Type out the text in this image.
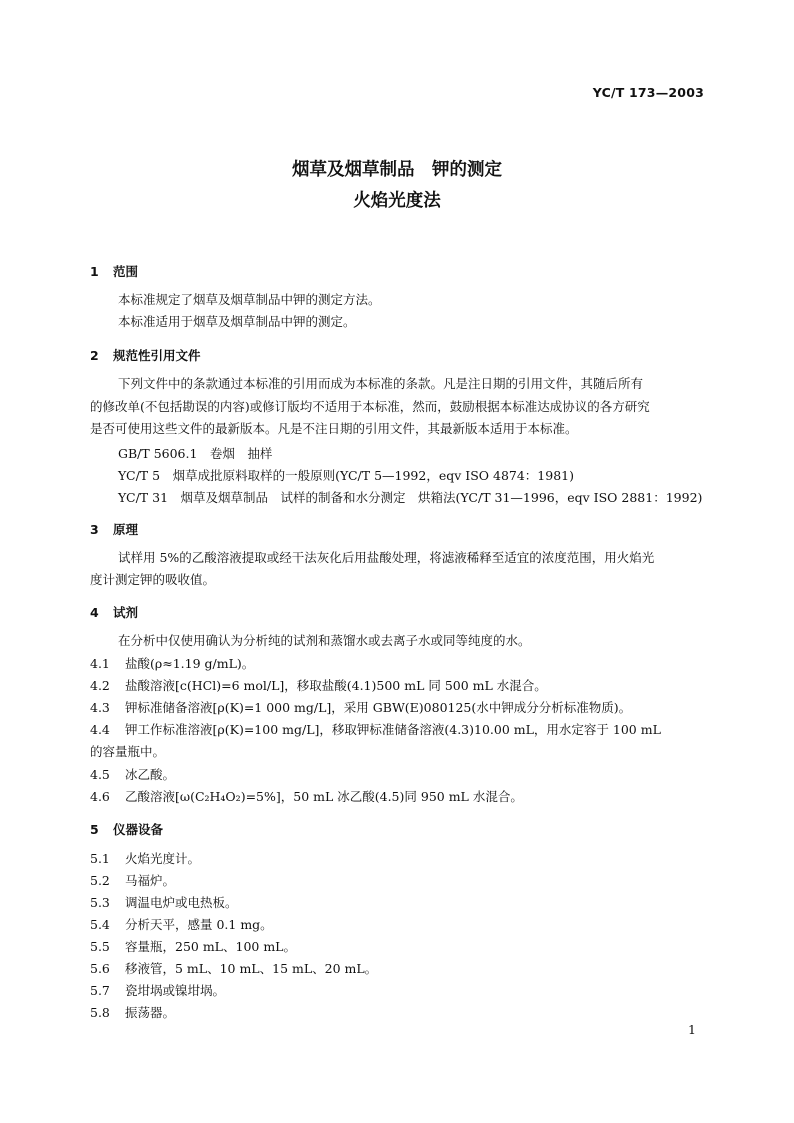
YC/T 173—2003
烟草及烟草制品　钾的测定
火焰光度法
1 范围
本标准规定了烟草及烟草制品中钾的测定方法。
本标准适用于烟草及烟草制品中钾的测定。
2 规范性引用文件
下列文件中的条款通过本标准的引用而成为本标准的条款。凡是注日期的引用文件，其随后所有
的修改单(不包括勘误的内容)或修订版均不适用于本标准，然而，鼓励根据本标准达成协议的各方研究
是否可使用这些文件的最新版本。凡是不注日期的引用文件，其最新版本适用于本标准。
GB/T 5606.1　卷烟　抽样
YC/T 5　烟草成批原料取样的一般原则(YC/T 5—1992，eqv ISO 4874：1981)
YC/T 31　烟草及烟草制品　试样的制备和水分测定　烘箱法(YC/T 31—1996，eqv ISO 2881：1992)
3 原理
试样用 5%的乙酸溶液提取或经干法灰化后用盐酸处理，将滤液稀释至适宜的浓度范围，用火焰光
度计测定钾的吸收值。
4 试剂
在分析中仅使用确认为分析纯的试剂和蒸馏水或去离子水或同等纯度的水。
4.1 盐酸(ρ≈1.19 g/mL)。
4.2 盐酸溶液[c(HCl)=6 mol/L]，移取盐酸(4.1)500 mL 同 500 mL 水混合。
4.3 钾标准储备溶液[ρ(K)=1 000 mg/L]，采用 GBW(E)080125(水中钾成分分析标准物质)。
4.4 钾工作标准溶液[ρ(K)=100 mg/L]，移取钾标准储备溶液(4.3)10.00 mL，用水定容于 100 mL
的容量瓶中。
4.5 冰乙酸。
4.6 乙酸溶液[ω(C₂H₄O₂)=5%]，50 mL 冰乙酸(4.5)同 950 mL 水混合。
5 仪器设备
5.1 火焰光度计。
5.2 马福炉。
5.3 调温电炉或电热板。
5.4 分析天平，感量 0.1 mg。
5.5 容量瓶，250 mL、100 mL。
5.6 移液管，5 mL、10 mL、15 mL、20 mL。
5.7 瓷坩埚或镍坩埚。
5.8 振荡器。
1
